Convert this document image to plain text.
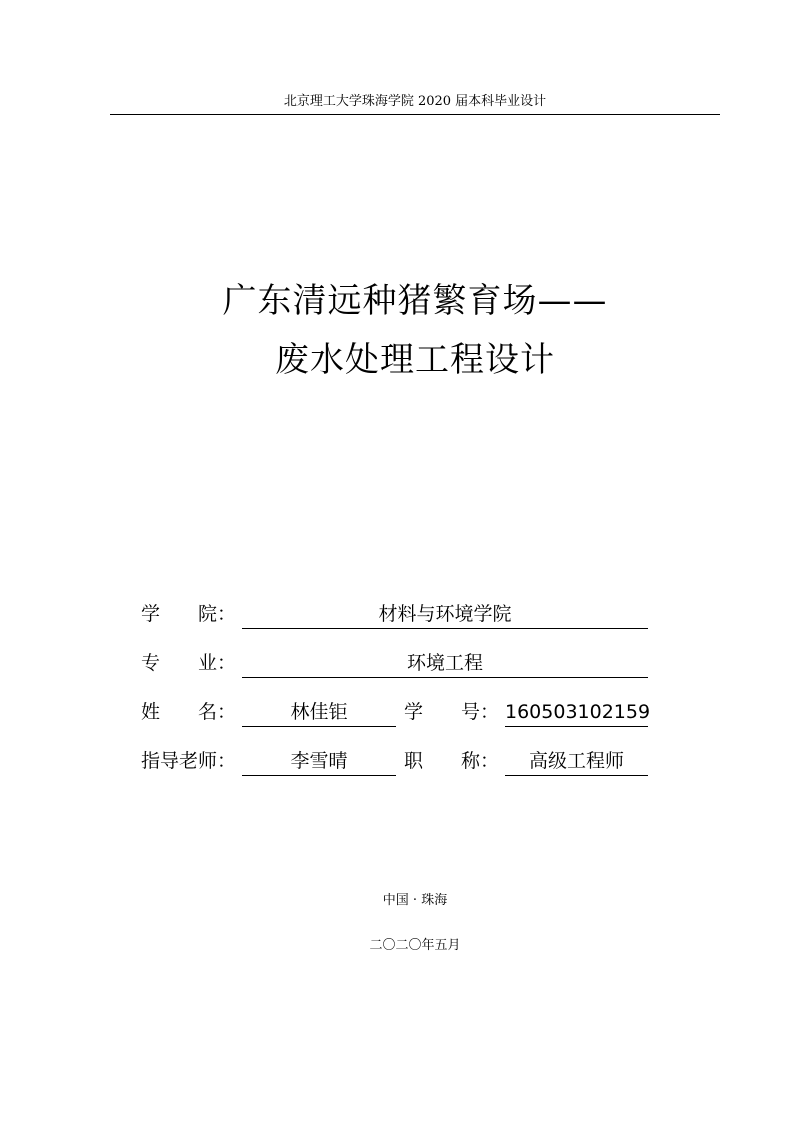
北京理工大学珠海学院 2020 届本科毕业设计
广东清远种猪繁育场——
废水处理工程设计
学　　院：	材料与环境学院
专　　业：	环境工程
姓　　名：	林佳钜	学　　号： 160503102159
指导老师：	李雪晴	职　　称：	高级工程师
中国 · 珠海
二〇二〇年五月
